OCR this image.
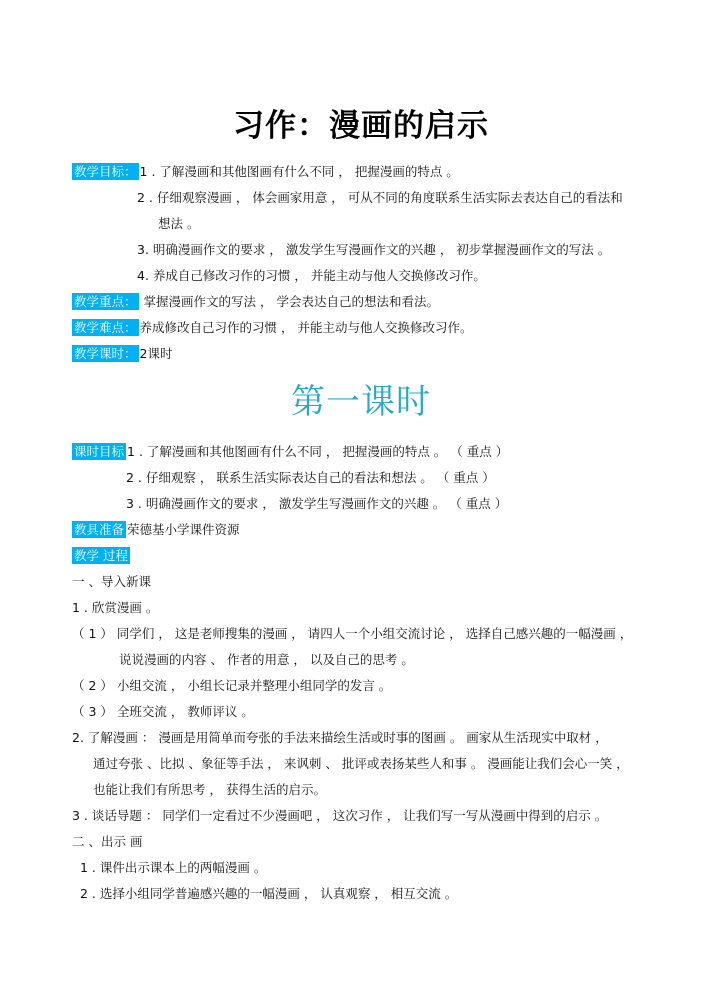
习作：漫画的启示
教学目标： 1 . 了解漫画和其他图画有什么不同 ， 把握漫画的特点 。
2 . 仔细观察漫画 ， 体会画家用意 ， 可从不同的角度联系生活实际去表达自己的看法和
想法 。
3. 明确漫画作文的要求 ， 激发学生写漫画作文的兴趣 ， 初步掌握漫画作文的写法 。
4. 养成自己修改习作的习惯 ， 并能主动与他人交换修改习作。
教学重点： 掌握漫画作文的写法 ， 学会表达自己的想法和看法。
教学难点： 养成修改自己习作的习惯 ， 并能主动与他人交换修改习作。
教学课时： 2课时
第一课时
课时目标 1 . 了解漫画和其他图画有什么不同 ， 把握漫画的特点 。 （ 重点 ）
2 . 仔细观察 ， 联系生活实际表达自己的看法和想法 。 （ 重点 ）
3 . 明确漫画作文的要求 ， 激发学生写漫画作文的兴趣 。 （ 重点 ）
教具准备 荣德基小学课件资源
教学 过程
一 、导入新课
1 . 欣赏漫画 。
（ 1 ） 同学们 ， 这是老师搜集的漫画 ， 请四人一个小组交流讨论 ， 选择自己感兴趣的一幅漫画 ，
说说漫画的内容 、 作者的用意 ， 以及自己的思考 。
（ 2 ） 小组交流 ， 小组长记录并整理小组同学的发言 。
（ 3 ） 全班交流 ， 教师评议 。
2. 了解漫画 ： 漫画是用简单而夸张的手法来描绘生活或时事的图画 。 画家从生活现实中取材 ，
通过夸张 、比拟 、象征等手法 ， 来讽刺 、 批评或表扬某些人和事 。 漫画能让我们会心一笑 ，
也能让我们有所思考 ， 获得生活的启示。
3 . 谈话导题 ： 同学们一定看过不少漫画吧 ， 这次习作 ， 让我们写一写从漫画中得到的启示 。
二 、出示 画
1 . 课件出示课本上的两幅漫画 。
2 . 选择小组同学普遍感兴趣的一幅漫画 ， 认真观察 ， 相互交流 。
